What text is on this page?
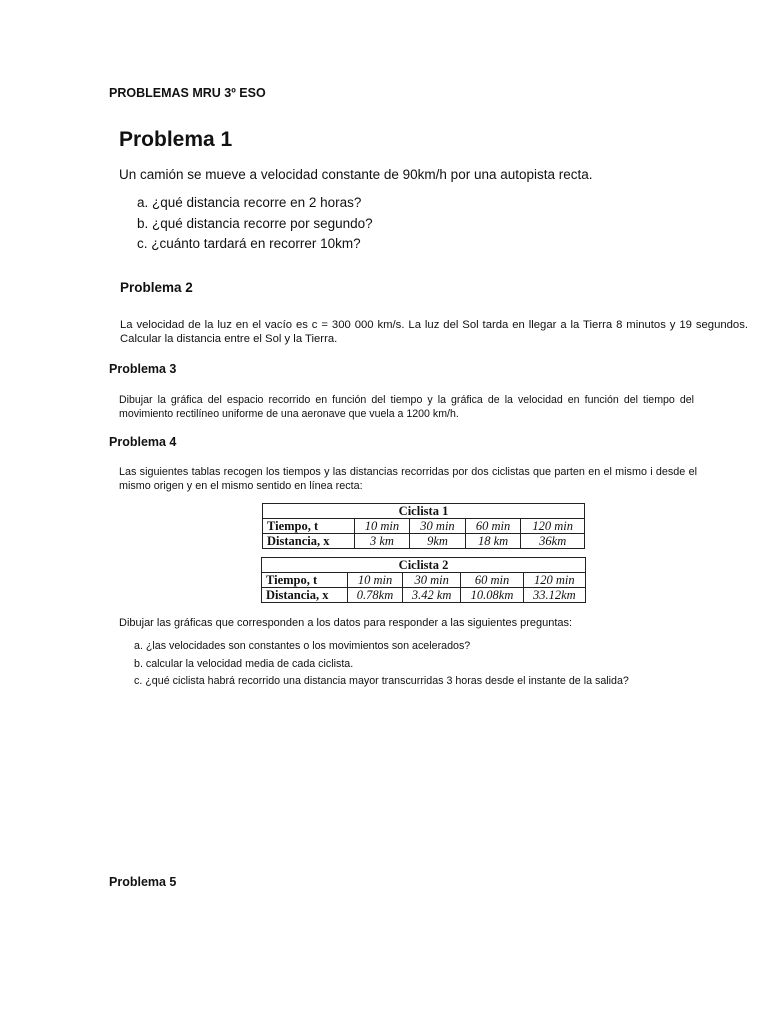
PROBLEMAS MRU 3º ESO
Problema 1
Un camión se mueve a velocidad constante de 90km/h por una autopista recta.
a. ¿qué distancia recorre en 2 horas?
b. ¿qué distancia recorre por segundo?
c. ¿cuánto tardará en recorrer 10km?
Problema 2
La velocidad de la luz en el vacío es c = 300 000 km/s. La luz del Sol tarda en llegar a la Tierra 8 minutos y 19 segundos. Calcular la distancia entre el Sol y la Tierra.
Problema 3
Dibujar la gráfica del espacio recorrido en función del tiempo y la gráfica de la velocidad en función del tiempo del movimiento rectilíneo uniforme de una aeronave que vuela a 1200 km/h.
Problema 4
Las siguientes tablas recogen los tiempos y las distancias recorridas por dos ciclistas que parten en el mismo i desde el mismo origen y en el mismo sentido en línea recta:
Ciclista 1				
Tiempo, t	10 min	30 min	60 min	120 min
Distancia, x	3 km	9km	18 km	36km
Ciclista 2				
Tiempo, t	10 min	30 min	60 min	120 min
Distancia, x	0.78km	3.42 km	10.08km	33.12km
Dibujar las gráficas que corresponden a los datos para responder a las siguientes preguntas:
a. ¿las velocidades son constantes o los movimientos son acelerados?
b. calcular la velocidad media de cada ciclista.
c. ¿qué ciclista habrá recorrido una distancia mayor transcurridas 3 horas desde el instante de la salida?
Problema 5
